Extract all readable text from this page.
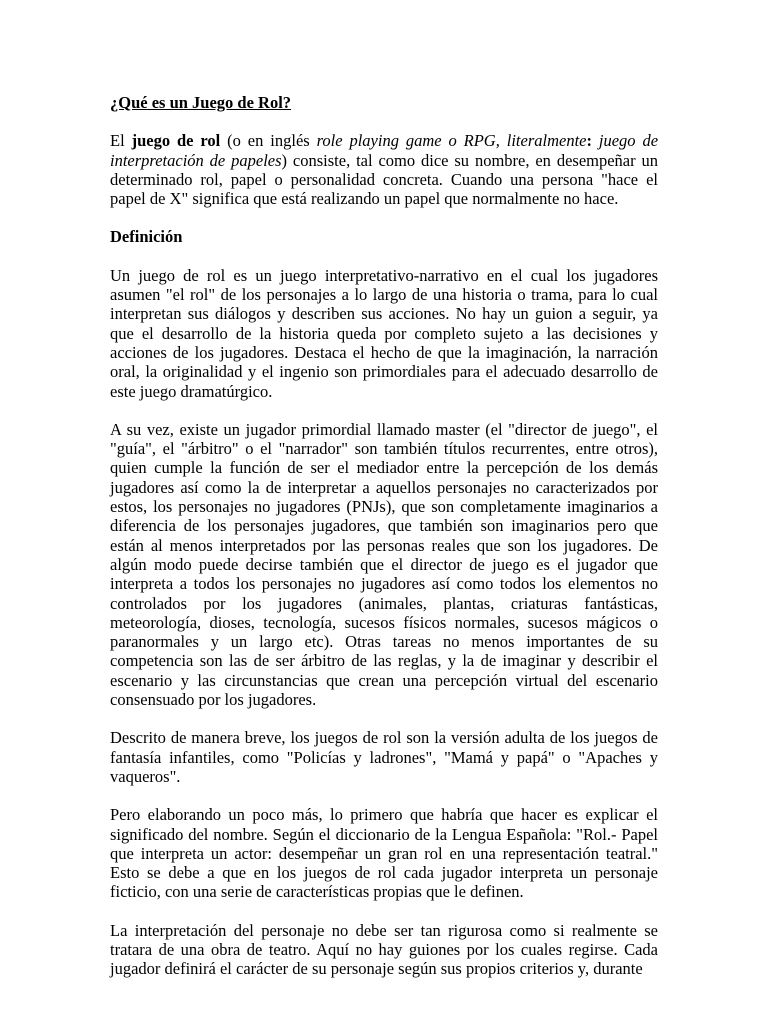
¿Qué es un Juego de Rol?

El juego de rol (o en inglés role playing game o RPG, literalmente: juego de interpretación de papeles) consiste, tal como dice su nombre, en desempeñar un determinado rol, papel o personalidad concreta. Cuando una persona "hace el papel de X" significa que está realizando un papel que normalmente no hace.

Definición

Un juego de rol es un juego interpretativo-narrativo en el cual los jugadores asumen "el rol" de los personajes a lo largo de una historia o trama, para lo cual interpretan sus diálogos y describen sus acciones. No hay un guion a seguir, ya que el desarrollo de la historia queda por completo sujeto a las decisiones y acciones de los jugadores. Destaca el hecho de que la imaginación, la narración oral, la originalidad y el ingenio son primordiales para el adecuado desarrollo de este juego dramatúrgico.

A su vez, existe un jugador primordial llamado master (el "director de juego", el "guía", el "árbitro" o el "narrador" son también títulos recurrentes, entre otros), quien cumple la función de ser el mediador entre la percepción de los demás jugadores así como la de interpretar a aquellos personajes no caracterizados por estos, los personajes no jugadores (PNJs), que son completamente imaginarios a diferencia de los personajes jugadores, que también son imaginarios pero que están al menos interpretados por las personas reales que son los jugadores. De algún modo puede decirse también que el director de juego es el jugador que interpreta a todos los personajes no jugadores así como todos los elementos no controlados por los jugadores (animales, plantas, criaturas fantásticas, meteorología, dioses, tecnología, sucesos físicos normales, sucesos mágicos o paranormales y un largo etc). Otras tareas no menos importantes de su competencia son las de ser árbitro de las reglas, y la de imaginar y describir el escenario y las circunstancias que crean una percepción virtual del escenario consensuado por los jugadores.

Descrito de manera breve, los juegos de rol son la versión adulta de los juegos de fantasía infantiles, como "Policías y ladrones", "Mamá y papá" o "Apaches y vaqueros".

Pero elaborando un poco más, lo primero que habría que hacer es explicar el significado del nombre. Según el diccionario de la Lengua Española: "Rol.- Papel que interpreta un actor: desempeñar un gran rol en una representación teatral." Esto se debe a que en los juegos de rol cada jugador interpreta un personaje ficticio, con una serie de características propias que le definen.

La interpretación del personaje no debe ser tan rigurosa como si realmente se tratara de una obra de teatro. Aquí no hay guiones por los cuales regirse. Cada jugador definirá el carácter de su personaje según sus propios criterios y, durante
